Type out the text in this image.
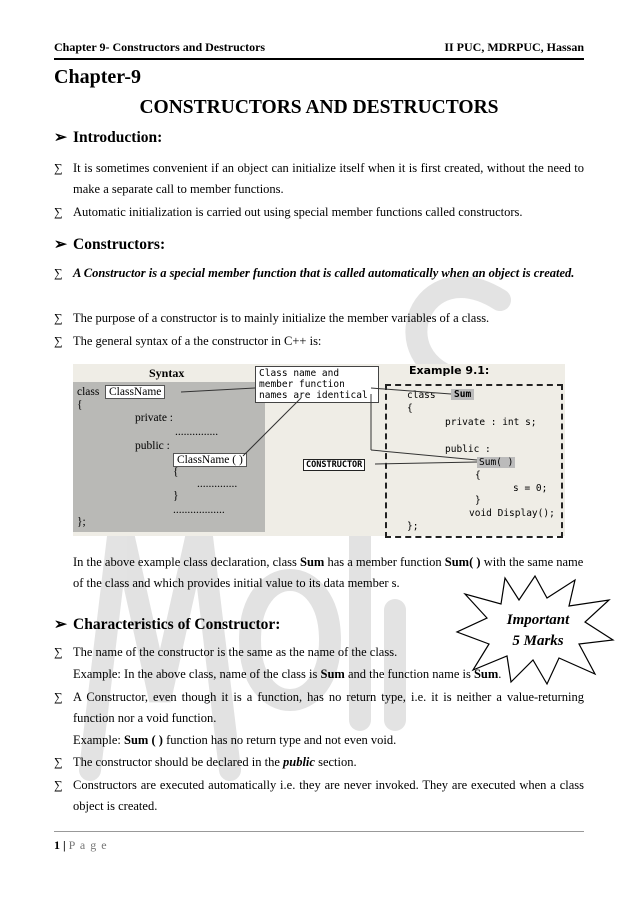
Chapter 9- Constructors and Destructors	II PUC, MDRPUC, Hassan
Chapter-9
CONSTRUCTORS AND DESTRUCTORS
➢ Introduction:
∑ It is sometimes convenient if an object can initialize itself when it is first created, without the need to make a separate call to member functions.
∑ Automatic initialization is carried out using special member functions called constructors.
➢ Constructors:
∑ A Constructor is a special member function that is called automatically when an object is created.
∑ The purpose of a constructor is to mainly initialize the member variables of a class.
∑ The general syntax of a the constructor in C++ is:
Syntax
class ClassName
{
private :
...............
public :
ClassName ( )
{
..............
}
..................
};
Class name and member function names are identical
Example 9.1:
class	Sum
{
private : int s;
public :
Sum( )
{
s = 0;
}
void Display();
};
CONSTRUCTOR
In the above example class declaration, class Sum has a member function Sum( ) with the same name of the class and which provides initial value to its data member s.
Important
5 Marks
➢ Characteristics of Constructor:
∑ The name of the constructor is the same as the name of the class.
Example: In the above class, name of the class is Sum and the function name is Sum.
∑ A Constructor, even though it is a function, has no return type, i.e. it is neither a value-returning function nor a void function.
Example: Sum ( ) function has no return type and not even void.
∑ The constructor should be declared in the public section.
∑ Constructors are executed automatically i.e. they are never invoked. They are executed when a class object is created.
1 | P a g e
